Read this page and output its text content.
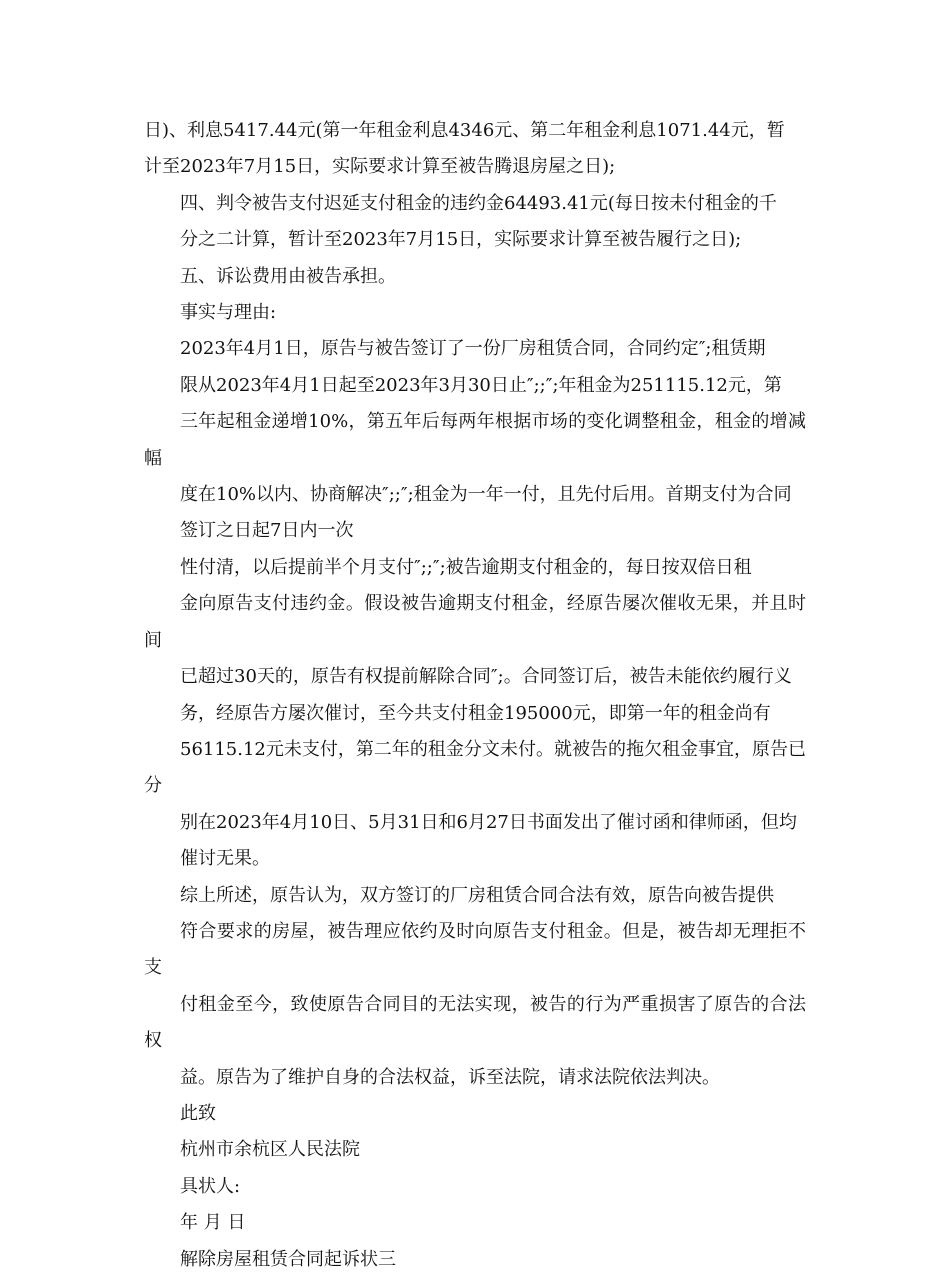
日)、利息5417.44元(第一年租金利息4346元、第二年租金利息1071.44元，暂
计至2023年7月15日，实际要求计算至被告腾退房屋之日);

四、判令被告支付迟延支付租金的违约金64493.41元(每日按未付租金的千
分之二计算，暂计至2023年7月15日，实际要求计算至被告履行之日);

五、诉讼费用由被告承担。

事实与理由:

2023年4月1日，原告与被告签订了一份厂房租赁合同，合同约定″;租赁期
限从2023年4月1日起至2023年3月30日止″;;″;年租金为251115.12元，第
三年起租金递增10%，第五年后每两年根据市场的变化调整租金，租金的增减幅
度在10%以内、协商解决″;;″;租金为一年一付，且先付后用。首期支付为合同
签订之日起7日内一次

性付清，以后提前半个月支付″;;″;被告逾期支付租金的，每日按双倍日租
金向原告支付违约金。假设被告逾期支付租金，经原告屡次催收无果，并且时间
已超过30天的，原告有权提前解除合同″;。合同签订后，被告未能依约履行义
务，经原告方屡次催讨，至今共支付租金195000元，即第一年的租金尚有
56115.12元未支付，第二年的租金分文未付。就被告的拖欠租金事宜，原告已分
别在2023年4月10日、5月31日和6月27日书面发出了催讨函和律师函，但均
催讨无果。

综上所述，原告认为，双方签订的厂房租赁合同合法有效，原告向被告提供
符合要求的房屋，被告理应依约及时向原告支付租金。但是，被告却无理拒不支
付租金至今，致使原告合同目的无法实现，被告的行为严重损害了原告的合法权
益。原告为了维护自身的合法权益，诉至法院，请求法院依法判决。

此致

杭州市余杭区人民法院

具状人:

年 月 日

解除房屋租赁合同起诉状三
